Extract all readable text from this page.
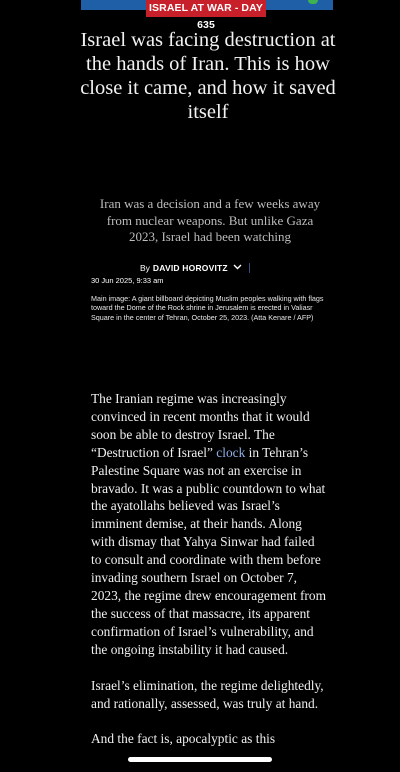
ISRAEL AT WAR - DAY 635
Israel was facing destruction at the hands of Iran. This is how close it came, and how it saved itself

Iran was a decision and a few weeks away from nuclear weapons. But unlike Gaza 2023, Israel had been watching

By DAVID HOROVITZ
30 Jun 2025, 9:33 am

Main image: A giant billboard depicting Muslim peoples walking with flags toward the Dome of the Rock shrine in Jerusalem is erected in Valiasr Square in the center of Tehran, October 25, 2023. (Atta Kenare / AFP)

The Iranian regime was increasingly convinced in recent months that it would soon be able to destroy Israel. The “Destruction of Israel” clock in Tehran’s Palestine Square was not an exercise in bravado. It was a public countdown to what the ayatollahs believed was Israel’s imminent demise, at their hands. Along with dismay that Yahya Sinwar had failed to consult and coordinate with them before invading southern Israel on October 7, 2023, the regime drew encouragement from the success of that massacre, its apparent confirmation of Israel’s vulnerability, and the ongoing instability it had caused.

Israel’s elimination, the regime delightedly, and rationally, assessed, was truly at hand.

And the fact is, apocalyptic as this
